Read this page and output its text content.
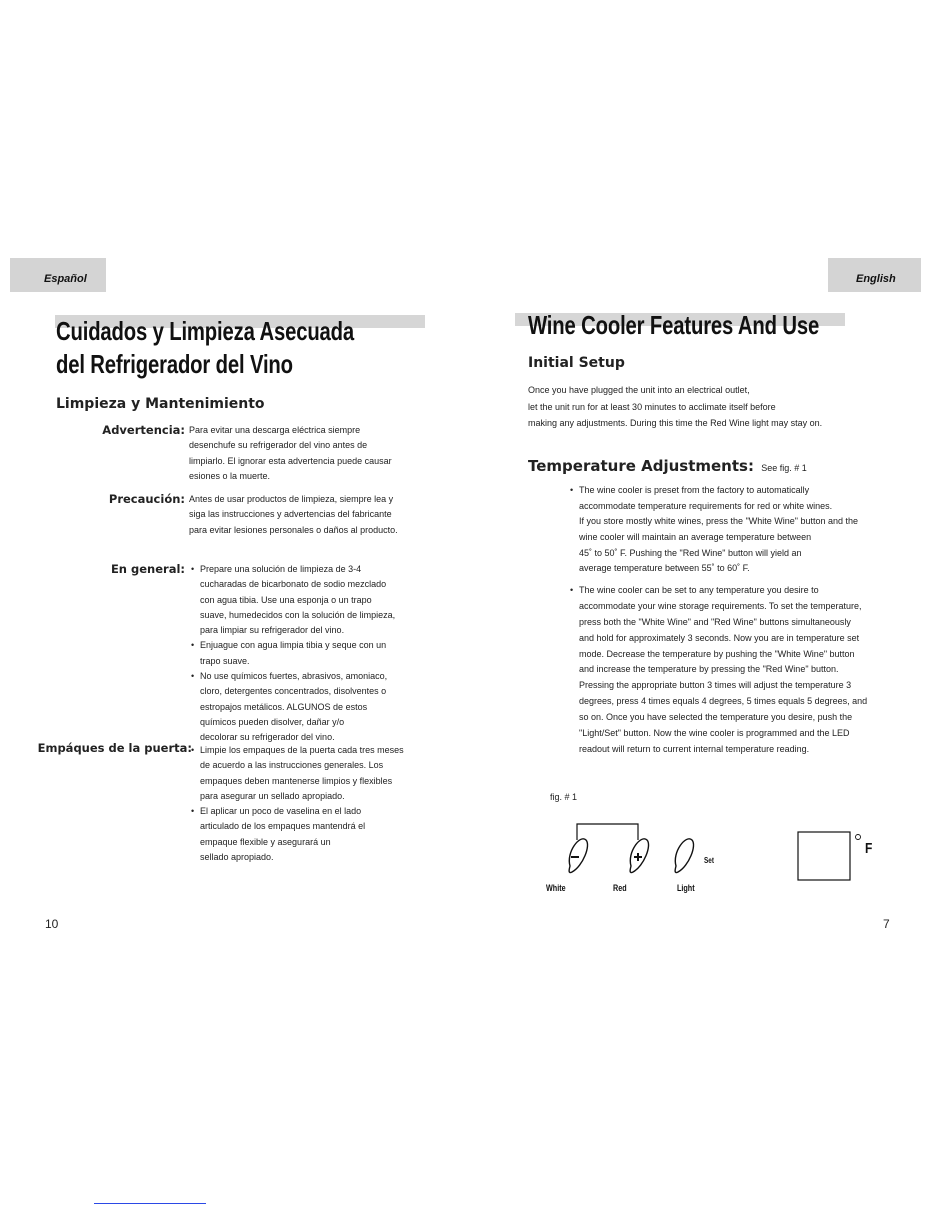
Español
Cuidados y Limpieza Asecuada
del Refrigerador del Vino
Limpieza y Mantenimiento
Advertencia: Para evitar una descarga eléctrica siempre
desenchufe su refrigerador del vino antes de
limpiarlo. El ignorar esta advertencia puede causar
esiones o la muerte.
Precaución: Antes de usar productos de limpieza, siempre lea y
siga las instrucciones y advertencias del fabricante
para evitar lesiones personales o daños al producto.
En general: • Prepare una solución de limpieza de 3-4
cucharadas de bicarbonato de sodio mezclado
con agua tibia. Use una esponja o un trapo
suave, humedecidos con la solución de limpieza,
para limpiar su refrigerador del vino.
• Enjuague con agua limpia tibia y seque con un
trapo suave.
• No use químicos fuertes, abrasivos, amoniaco,
cloro, detergentes concentrados, disolventes o
estropajos metálicos. ALGUNOS de estos
químicos pueden disolver, dañar y/o
decolorar su refrigerador del vino.
Empáques de la puerta: • Limpie los empaques de la puerta cada tres meses
de acuerdo a las instrucciones generales. Los
empaques deben mantenerse limpios y flexibles
para asegurar un sellado apropiado.
• El aplicar un poco de vaselina en el lado
articulado de los empaques mantendrá el
empaque flexible y asegurará un
sellado apropiado.
10
English
Wine Cooler Features And Use
Initial Setup
Once you have plugged the unit into an electrical outlet,
let the unit run for at least 30 minutes to acclimate itself before
making any adjustments. During this time the Red Wine light may stay on.
Temperature Adjustments: See fig. # 1
• The wine cooler is preset from the factory to automatically
accommodate temperature requirements for red or white wines.
If you store mostly white wines, press the "White Wine" button and the
wine cooler will maintain an average temperature between
45˚ to 50˚ F. Pushing the "Red Wine" button will yield an
average temperature between 55˚ to 60˚ F.
• The wine cooler can be set to any temperature you desire to
accommodate your wine storage requirements. To set the temperature,
press both the "White Wine" and "Red Wine" buttons simultaneously
and hold for approximately 3 seconds. Now you are in temperature set
mode. Decrease the temperature by pushing the "White Wine" button
and increase the temperature by pressing the "Red Wine" button.
Pressing the appropriate button 3 times will adjust the temperature 3
degrees, press 4 times equals 4 degrees, 5 times equals 5 degrees, and
so on. Once you have selected the temperature you desire, push the
"Light/Set" button. Now the wine cooler is programmed and the LED
readout will return to current internal temperature reading.
fig. # 1
Set
White	Red	Light
F
7
